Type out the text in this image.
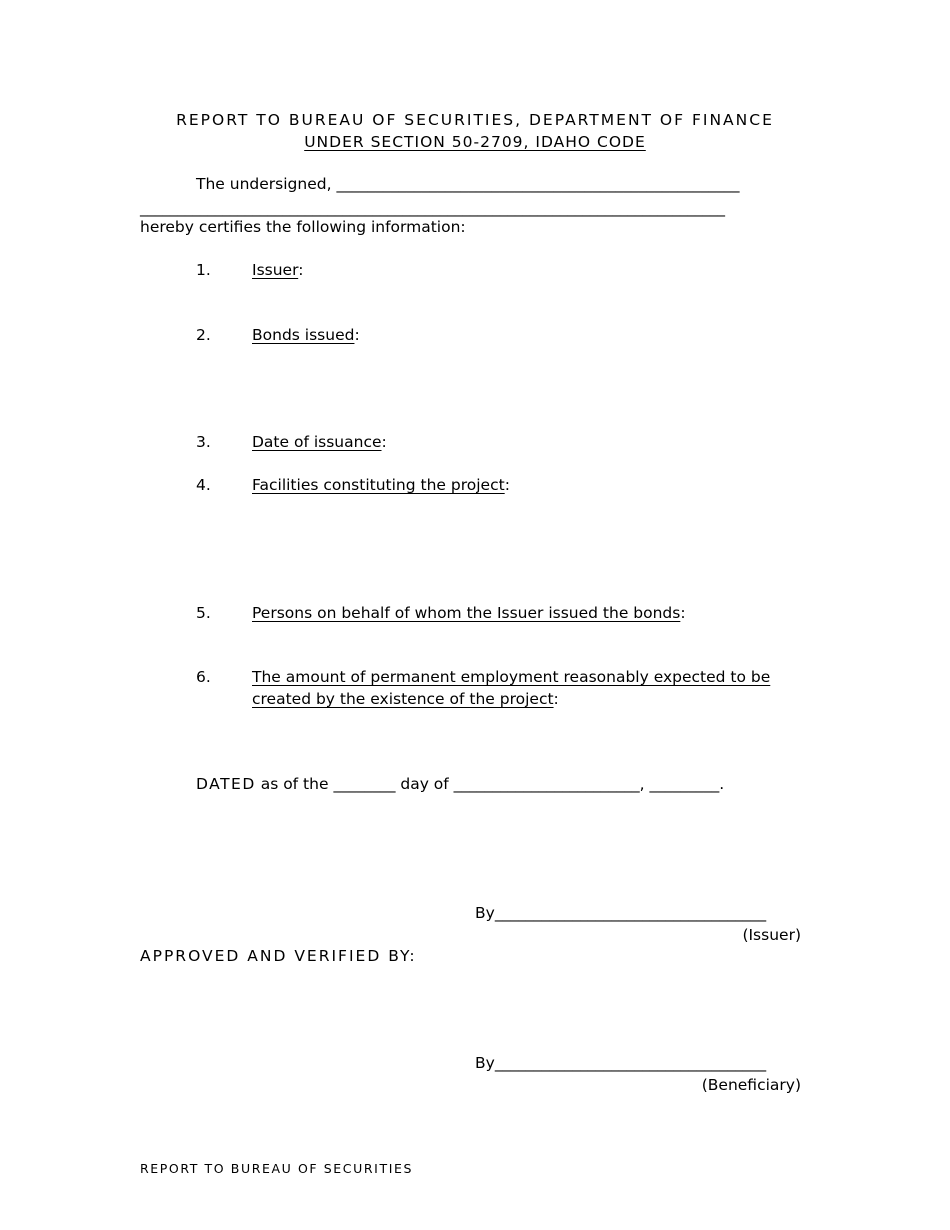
REPORT TO BUREAU OF SECURITIES, DEPARTMENT OF FINANCE
UNDER SECTION 50-2709, IDAHO CODE
The undersigned, ____________________________________________________
______________________________________________________________________________
hereby certifies the following information:
1.	Issuer:
2.	Bonds issued:
3.	Date of issuance:
4.	Facilities constituting the project:
5.	Persons on behalf of whom the Issuer issued the bonds:
6.	The amount of permanent employment reasonably expected to be
created by the existence of the project:
DATED as of the ________ day of ________________________, _________.
By___________________________________
(Issuer)
APPROVED AND VERIFIED BY:
By___________________________________
(Beneficiary)
REPORT TO BUREAU OF SECURITIES
